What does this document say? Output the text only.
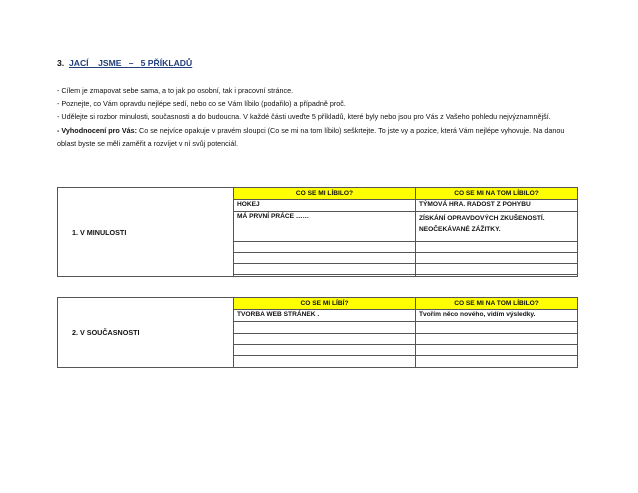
3. JACÍ JSME – 5 PŘÍKLADŮ

- Cílem je zmapovat sebe sama, a to jak po osobní, tak i pracovní stránce.

- Poznejte, co Vám opravdu nejlépe sedí, nebo co se Vám líbilo (podařilo) a případně proč.

- Udělejte si rozbor minulosti, současnosti a do budoucna. V každé části uveďte 5 příkladů, které byly nebo jsou pro Vás z Vašeho pohledu nejvýznamnější.

- Vyhodnocení pro Vás: Co se nejvíce opakuje v pravém sloupci (Co se mi na tom líbilo) seškrtejte. To jste vy a pozice, která Vám nejlépe vyhovuje. Na danou oblast byste se měli zaměřit a rozvíjet v ní svůj potenciál.

1. V MINULOSTI	CO SE MI LÍBILO?	CO SE MI NA TOM LÍBILO?
	HOKEJ	TÝMOVÁ HRA. RADOST Z POHYBU
	MÁ PRVNÍ PRÁCE ……	ZÍSKÁNÍ OPRAVDOVÝCH ZKUŠENOSTÍ. NEOČEKÁVANÉ ZÁŽITKY.

2. V SOUČASNOSTI	CO SE MI LÍBÍ?	CO SE MI NA TOM LÍBILO?
	TVORBA WEB STRÁNEK .	Tvořím něco nového, vidím výsledky.
